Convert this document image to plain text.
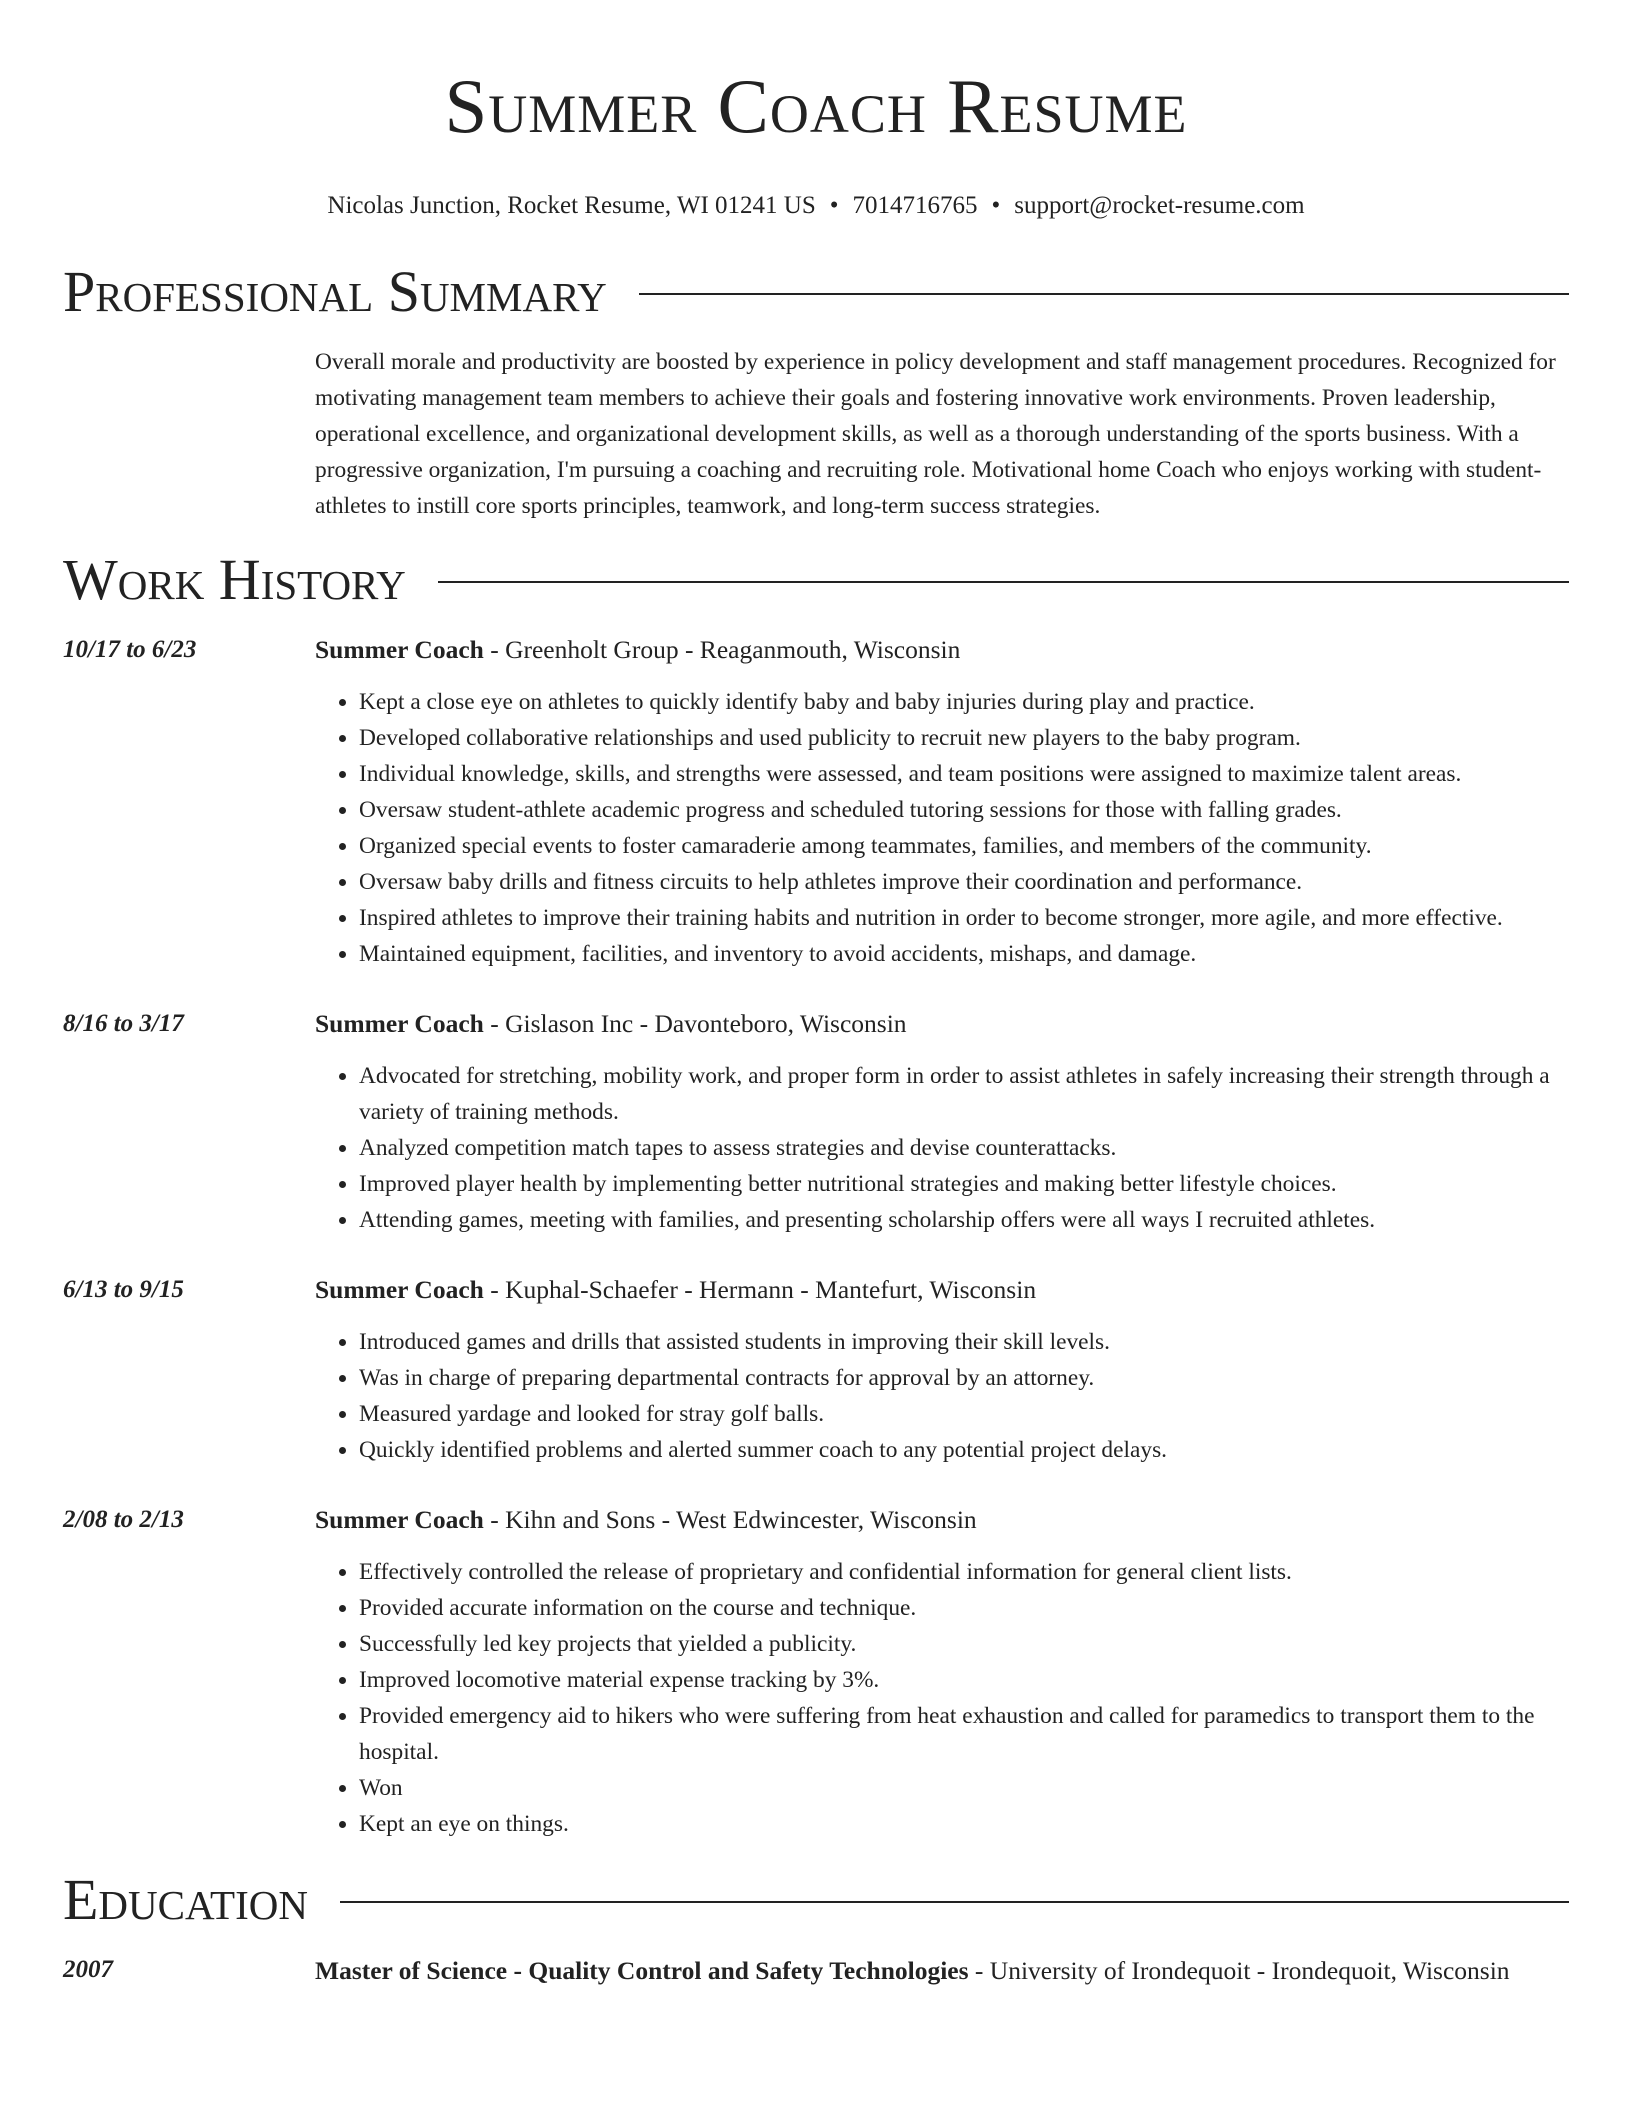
Summer Coach Resume
Nicolas Junction, Rocket Resume, WI 01241 US • 7014716765 • support@rocket-resume.com
Professional Summary
Overall morale and productivity are boosted by experience in policy development and staff management procedures. Recognized for motivating management team members to achieve their goals and fostering innovative work environments. Proven leadership, operational excellence, and organizational development skills, as well as a thorough understanding of the sports business. With a progressive organization, I'm pursuing a coaching and recruiting role. Motivational home Coach who enjoys working with student-athletes to instill core sports principles, teamwork, and long-term success strategies.
Work History
10/17 to 6/23	Summer Coach - Greenholt Group - Reaganmouth, Wisconsin
• Kept a close eye on athletes to quickly identify baby and baby injuries during play and practice.
• Developed collaborative relationships and used publicity to recruit new players to the baby program.
• Individual knowledge, skills, and strengths were assessed, and team positions were assigned to maximize talent areas.
• Oversaw student-athlete academic progress and scheduled tutoring sessions for those with falling grades.
• Organized special events to foster camaraderie among teammates, families, and members of the community.
• Oversaw baby drills and fitness circuits to help athletes improve their coordination and performance.
• Inspired athletes to improve their training habits and nutrition in order to become stronger, more agile, and more effective.
• Maintained equipment, facilities, and inventory to avoid accidents, mishaps, and damage.
8/16 to 3/17	Summer Coach - Gislason Inc - Davonteboro, Wisconsin
• Advocated for stretching, mobility work, and proper form in order to assist athletes in safely increasing their strength through a variety of training methods.
• Analyzed competition match tapes to assess strategies and devise counterattacks.
• Improved player health by implementing better nutritional strategies and making better lifestyle choices.
• Attending games, meeting with families, and presenting scholarship offers were all ways I recruited athletes.
6/13 to 9/15	Summer Coach - Kuphal-Schaefer - Hermann - Mantefurt, Wisconsin
• Introduced games and drills that assisted students in improving their skill levels.
• Was in charge of preparing departmental contracts for approval by an attorney.
• Measured yardage and looked for stray golf balls.
• Quickly identified problems and alerted summer coach to any potential project delays.
2/08 to 2/13	Summer Coach - Kihn and Sons - West Edwincester, Wisconsin
• Effectively controlled the release of proprietary and confidential information for general client lists.
• Provided accurate information on the course and technique.
• Successfully led key projects that yielded a publicity.
• Improved locomotive material expense tracking by 3%.
• Provided emergency aid to hikers who were suffering from heat exhaustion and called for paramedics to transport them to the hospital.
• Won
• Kept an eye on things.
Education
2007	Master of Science - Quality Control and Safety Technologies - University of Irondequoit - Irondequoit, Wisconsin
